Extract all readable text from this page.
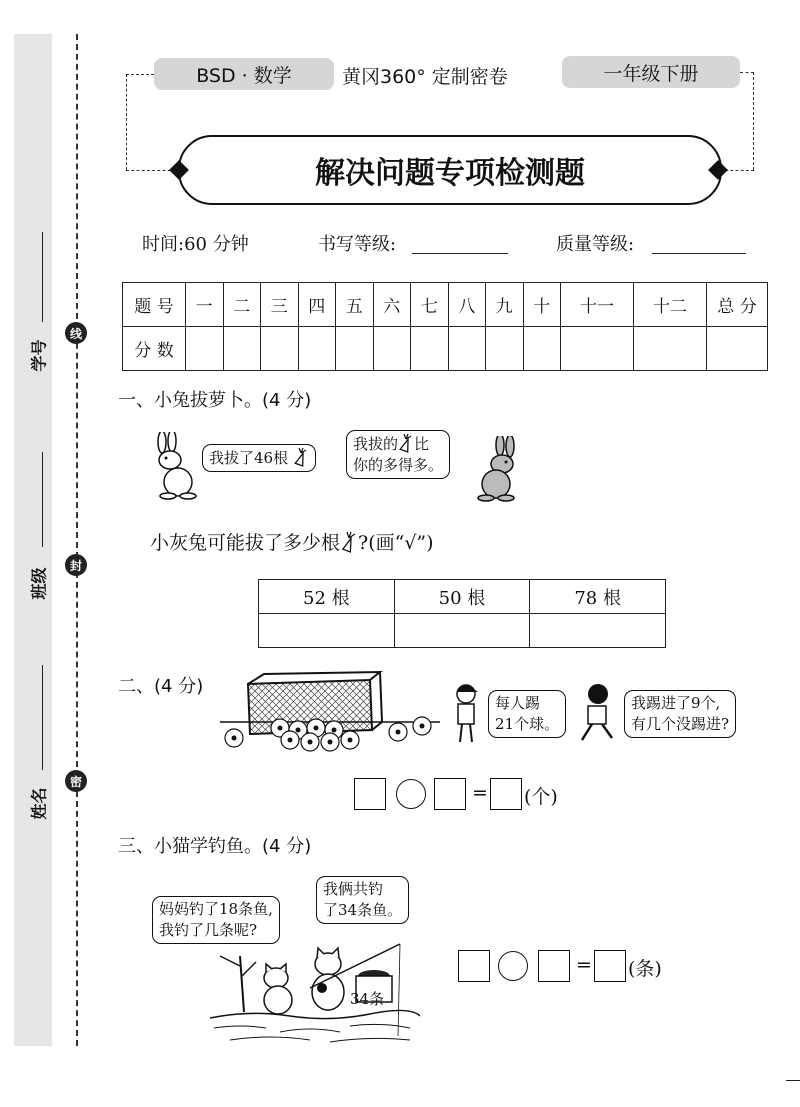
学号
班级
姓名
线
封
密
BSD · 数学	黄冈360° 定制密卷	一年级下册
解决问题专项检测题
时间:60 分钟	书写等级:	质量等级:
题 号	一	二	三	四	五	六	七	八	九	十	十一	十二	总 分
分 数													
一、小兔拔萝卜。(4 分)
我拔了46根
我拔的 比
你的多得多。
小灰兔可能拔了多少根 ?(画“√”)
52 根	50 根	78 根

二、(4 分)
每人踢
21个球。
我踢进了9个,
有几个没踢进?
= (个)
三、小猫学钓鱼。(4 分)
妈妈钓了18条鱼,
我钓了几条呢?
我俩共钓
了34条鱼。
34条
= (条)
